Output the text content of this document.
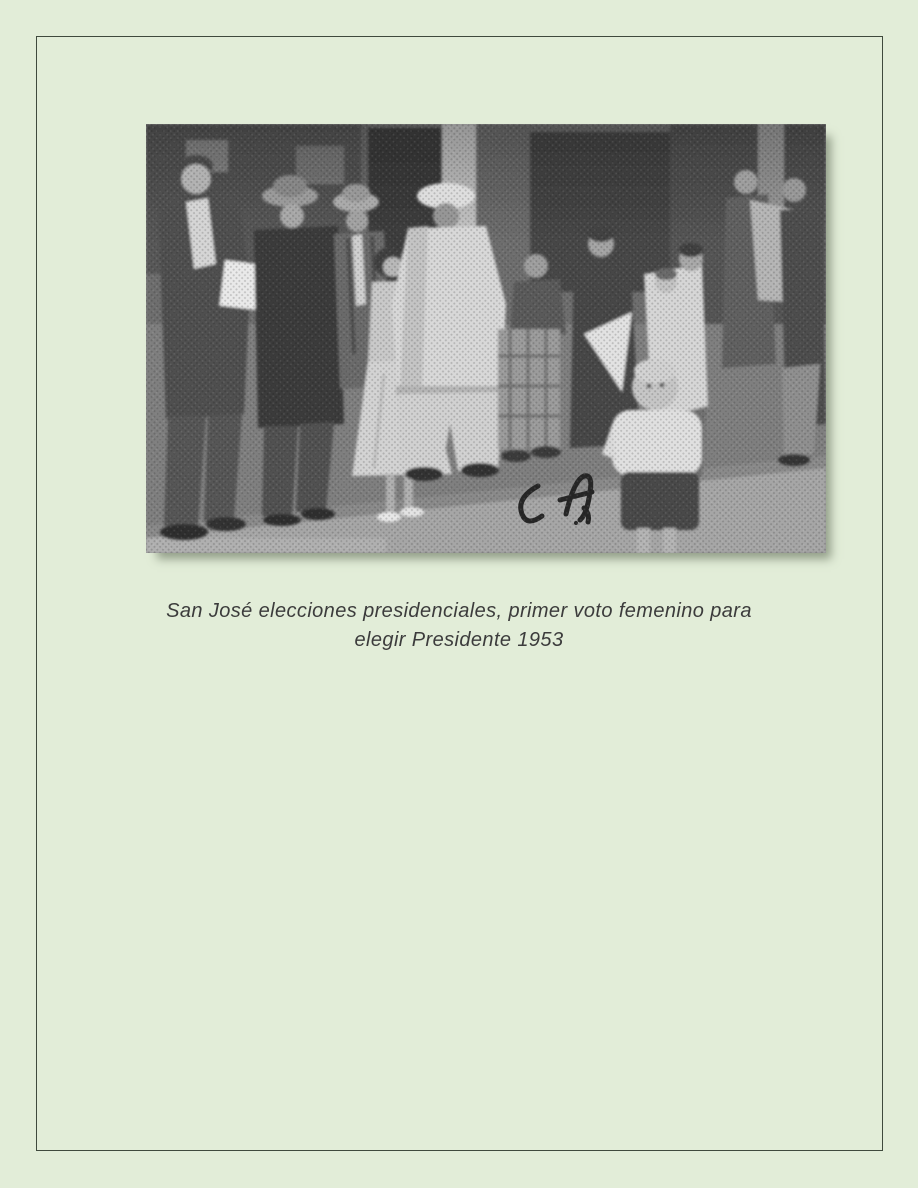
San José elecciones presidenciales, primer voto femenino para
elegir Presidente 1953
